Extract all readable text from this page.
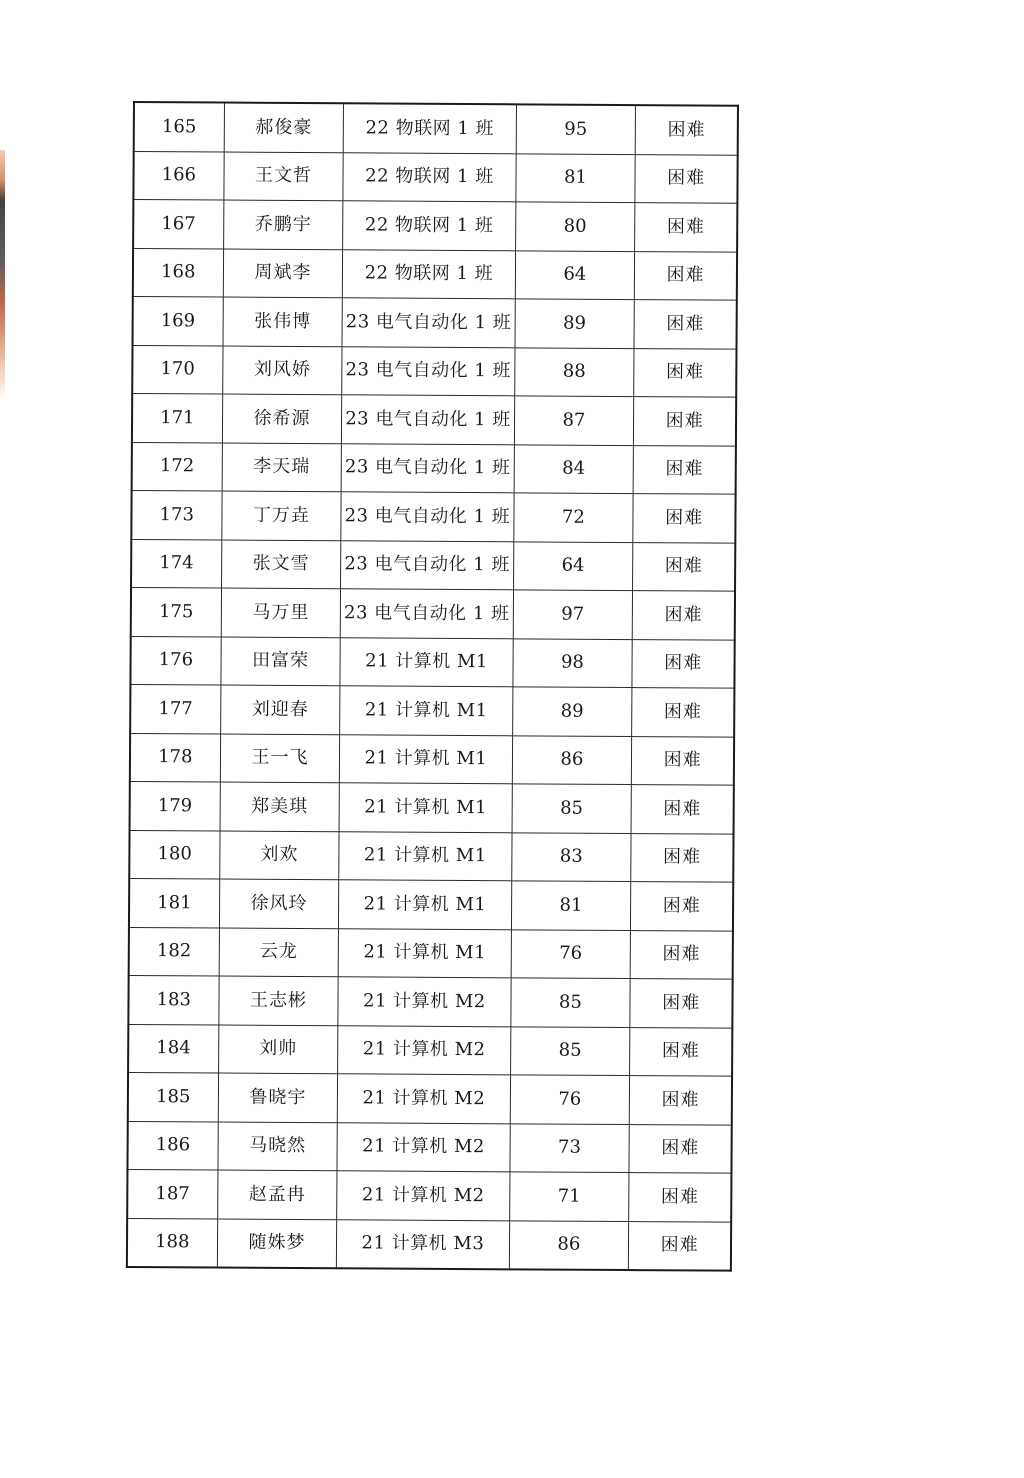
165	郝俊豪	22 物联网 1 班	95	困难
166	王文哲	22 物联网 1 班	81	困难
167	乔鹏宇	22 物联网 1 班	80	困难
168	周斌李	22 物联网 1 班	64	困难
169	张伟博	23 电气自动化 1 班	89	困难
170	刘风娇	23 电气自动化 1 班	88	困难
171	徐希源	23 电气自动化 1 班	87	困难
172	李天瑞	23 电气自动化 1 班	84	困难
173	丁万垚	23 电气自动化 1 班	72	困难
174	张文雪	23 电气自动化 1 班	64	困难
175	马万里	23 电气自动化 1 班	97	困难
176	田富荣	21 计算机 M1	98	困难
177	刘迎春	21 计算机 M1	89	困难
178	王一飞	21 计算机 M1	86	困难
179	郑美琪	21 计算机 M1	85	困难
180	刘欢	21 计算机 M1	83	困难
181	徐风玲	21 计算机 M1	81	困难
182	云龙	21 计算机 M1	76	困难
183	王志彬	21 计算机 M2	85	困难
184	刘帅	21 计算机 M2	85	困难
185	鲁晓宇	21 计算机 M2	76	困难
186	马晓然	21 计算机 M2	73	困难
187	赵孟冉	21 计算机 M2	71	困难
188	随姝梦	21 计算机 M3	86	困难
